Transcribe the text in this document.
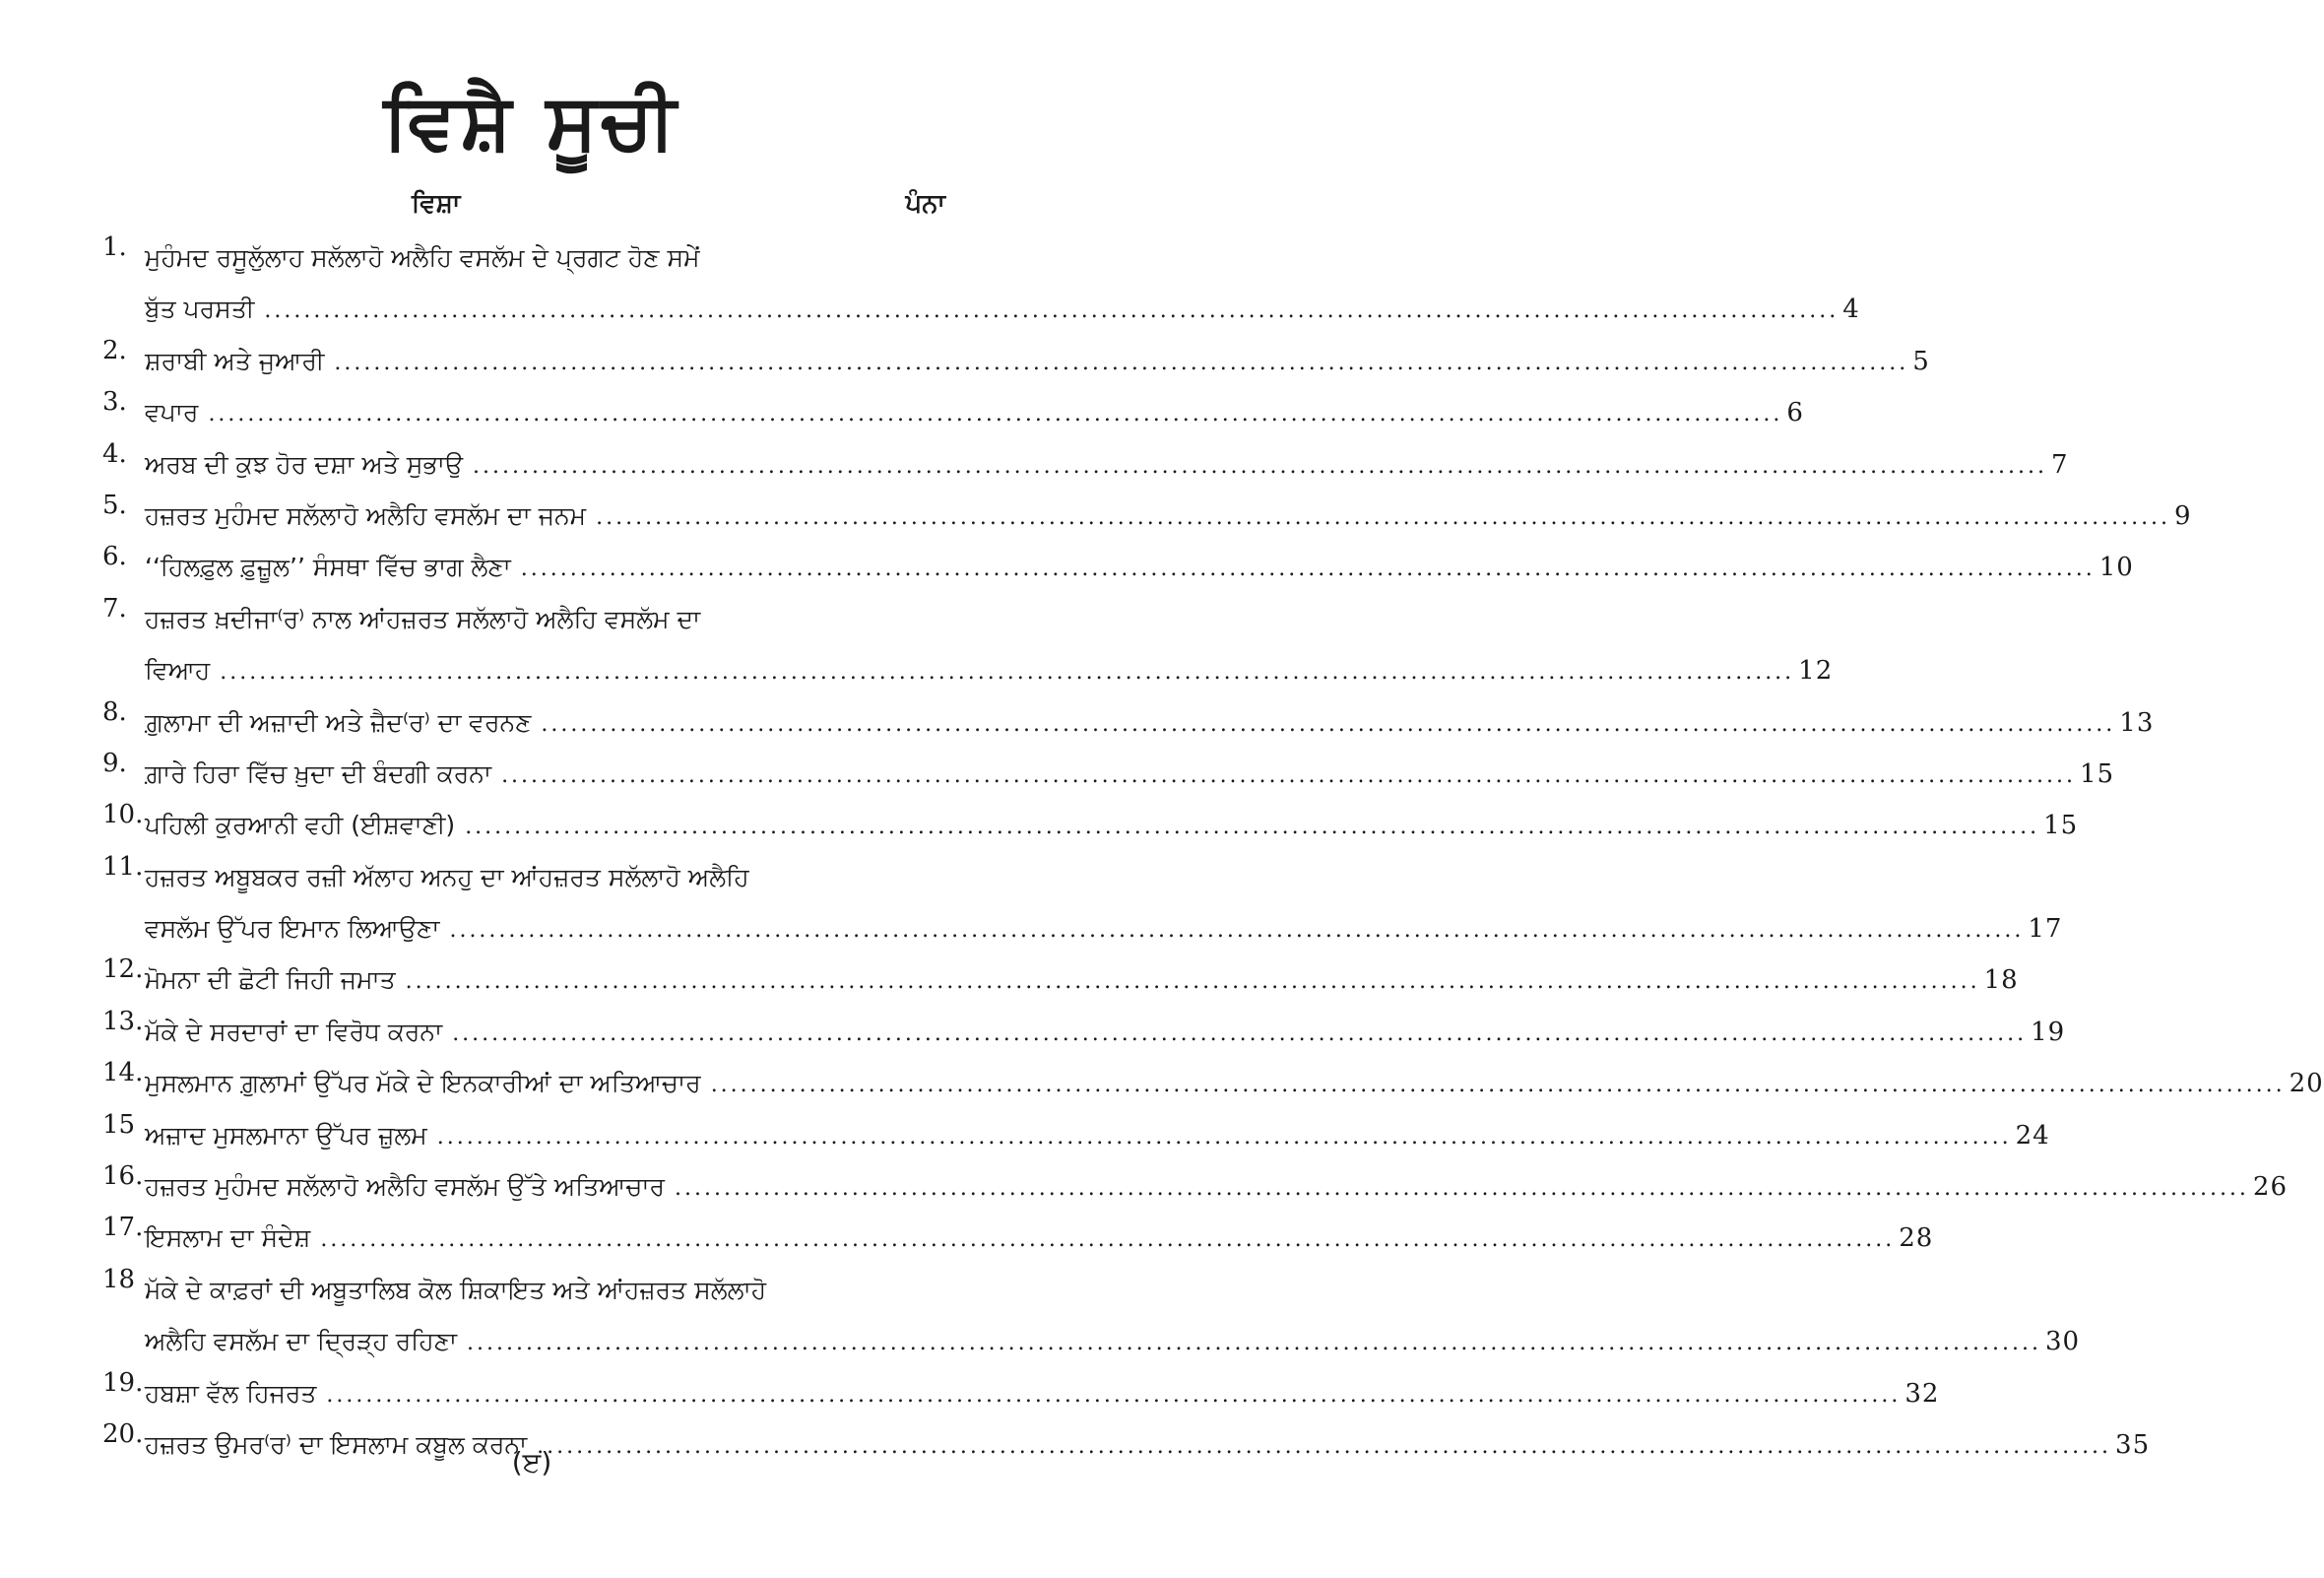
ਵਿਸ਼ੈ ਸੂਚੀ
ਵਿਸ਼ਾ	ਪੰਨਾ
1. ਮੁਹੰਮਦ ਰਸੂਲੁੱਲਾਹ ਸਲੱਲਾਹੋ ਅਲੈਹਿ ਵਸਲੱਮ ਦੇ ਪ੍ਰਗਟ ਹੋਣ ਸਮੇਂ
ਬੁੱਤ ਪਰਸਤੀ ................................................................................................................................................................ 4
2. ਸ਼ਰਾਬੀ ਅਤੇ ਜੁਆਰੀ ................................................................................................................................................................ 5
3. ਵਪਾਰ ................................................................................................................................................................ 6
4. ਅਰਬ ਦੀ ਕੁਝ ਹੋਰ ਦਸ਼ਾ ਅਤੇ ਸੁਭਾਉ ................................................................................................................................................................ 7
5. ਹਜ਼ਰਤ ਮੁਹੰਮਦ ਸਲੱਲਾਹੋ ਅਲੈਹਿ ਵਸਲੱਮ ਦਾ ਜਨਮ ................................................................................................................................................................ 9
6. ‘‘ਹਿਲਫ਼ੁਲ ਫ਼ੁਜ਼ੂਲ’’ ਸੰਸਥਾ ਵਿੱਚ ਭਾਗ ਲੈਣਾ ................................................................................................................................................................ 10
7. ਹਜ਼ਰਤ ਖ਼ਦੀਜਾ⁽ਰ⁾ ਨਾਲ ਆਂਹਜ਼ਰਤ ਸਲੱਲਾਹੋ ਅਲੈਹਿ ਵਸਲੱਮ ਦਾ
ਵਿਆਹ ................................................................................................................................................................ 12
8. ਗ਼ੁਲਾਮਾ ਦੀ ਅਜ਼ਾਦੀ ਅਤੇ ਜ਼ੈਦ⁽ਰ⁾ ਦਾ ਵਰਨਣ ................................................................................................................................................................ 13
9. ਗ਼ਾਰੇ ਹਿਰਾ ਵਿੱਚ ਖ਼ੁਦਾ ਦੀ ਬੰਦਗੀ ਕਰਨਾ ................................................................................................................................................................ 15
10. ਪਹਿਲੀ ਕੁਰਆਨੀ ਵਹੀ (ਈਸ਼ਵਾਣੀ) ................................................................................................................................................................ 15
11. ਹਜ਼ਰਤ ਅਬੂਬਕਰ ਰਜ਼ੀ ਅੱਲਾਹ ਅਨਹੁ ਦਾ ਆਂਹਜ਼ਰਤ ਸਲੱਲਾਹੋ ਅਲੈਹਿ
ਵਸਲੱਮ ਉੱਪਰ ਇਮਾਨ ਲਿਆਉਣਾ ................................................................................................................................................................ 17
12. ਮੋਮਨਾ ਦੀ ਛੋਟੀ ਜਿਹੀ ਜਮਾਤ ................................................................................................................................................................ 18
13. ਮੱਕੇ ਦੇ ਸਰਦਾਰਾਂ ਦਾ ਵਿਰੋਧ ਕਰਨਾ ................................................................................................................................................................ 19
14. ਮੁਸਲਮਾਨ ਗ਼ੁਲਾਮਾਂ ਉੱਪਰ ਮੱਕੇ ਦੇ ਇਨਕਾਰੀਆਂ ਦਾ ਅਤਿਆਚਾਰ ................................................................................................................................................................ 20
15 ਅਜ਼ਾਦ ਮੁਸਲਮਾਨਾ ਉੱਪਰ ਜ਼ੁਲਮ ................................................................................................................................................................ 24
16. ਹਜ਼ਰਤ ਮੁਹੰਮਦ ਸਲੱਲਾਹੋ ਅਲੈਹਿ ਵਸਲੱਮ ਉੱਤੇ ਅਤਿਆਚਾਰ ................................................................................................................................................................ 26
17. ਇਸਲਾਮ ਦਾ ਸੰਦੇਸ਼ ................................................................................................................................................................ 28
18 ਮੱਕੇ ਦੇ ਕਾਫ਼ਰਾਂ ਦੀ ਅਬੂਤਾਲਿਬ ਕੋਲ ਸ਼ਿਕਾਇਤ ਅਤੇ ਆਂਹਜ਼ਰਤ ਸਲੱਲਾਹੋ
ਅਲੈਹਿ ਵਸਲੱਮ ਦਾ ਦ੍ਰਿੜ੍ਹ ਰਹਿਣਾ ................................................................................................................................................................ 30
19. ਹਬਸ਼ਾ ਵੱਲ ਹਿਜਰਤ ................................................................................................................................................................ 32
20. ਹਜ਼ਰਤ ਉਮਰ⁽ਰ⁾ ਦਾ ਇਸਲਾਮ ਕਬੂਲ ਕਰਨਾ ................................................................................................................................................................ 35
(ੲ)
